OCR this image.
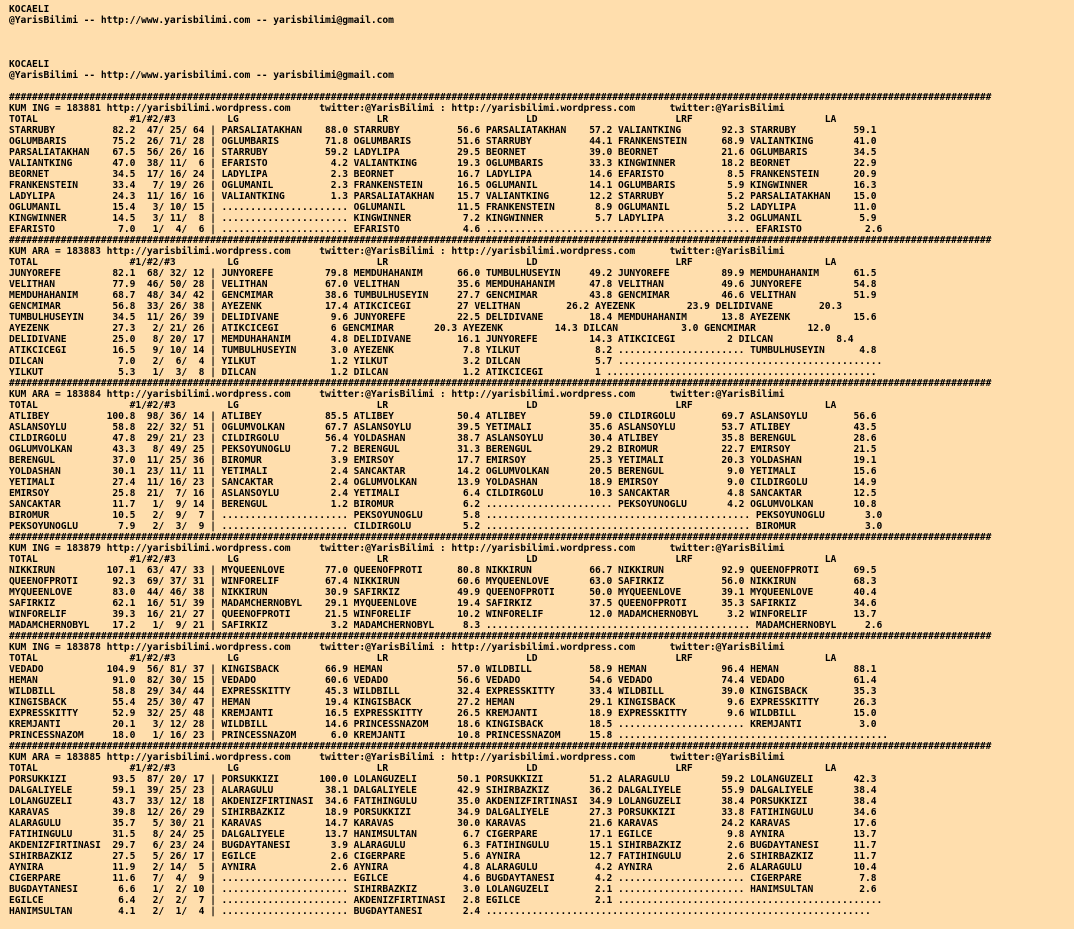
KOCAELI
@YarisBilimi -- http://www.yarisbilimi.com -- yarisbilimi@gmail.com
KOCAELI
@YarisBilimi -- http://www.yarisbilimi.com -- yarisbilimi@gmail.com
###########################################################################################################################################################################
KUM ING = 183881 http://yarisbilimi.wordpress.com     twitter:@YarisBilimi : http://yarisbilimi.wordpress.com      twitter:@YarisBilimi
TOTAL                #1/#2/#3         LG                        LR                        LD                        LRF                       LA
STARRUBY          82.2  47/ 25/ 64 | PARSALIATAKHAN    88.0 STARRUBY          56.6 PARSALIATAKHAN    57.2 VALIANTKING       92.3 STARRUBY          59.1
OGLUMBARIS        75.2  26/ 71/ 28 | OGLUMBARIS        71.8 OGLUMBARIS        51.6 STARRUBY          44.1 FRANKENSTEIN      68.9 VALIANTKING       41.0
PARSALIATAKHAN    67.5  56/ 26/ 16 | STARRUBY          59.2 LADYLIPA          29.5 BEORNET           39.0 BEORNET           21.6 OGLUMBARIS        34.5
VALIANTKING       47.0  38/ 11/  6 | EFARISTO           4.2 VALIANTKING       19.3 OGLUMBARIS        33.3 KINGWINNER        18.2 BEORNET           22.9
BEORNET           34.5  17/ 16/ 24 | LADYLIPA           2.3 BEORNET           16.7 LADYLIPA          14.6 EFARISTO           8.5 FRANKENSTEIN      20.9
FRANKENSTEIN      33.4   7/ 19/ 26 | OGLUMANIL          2.3 FRANKENSTEIN      16.5 OGLUMANIL         14.1 OGLUMBARIS         5.9 KINGWINNER        16.3
LADYLIPA          24.3  11/ 16/ 16 | VALIANTKING        1.3 PARSALIATAKHAN    15.7 VALIANTKING       12.2 STARRUBY           5.2 PARSALIATAKHAN    15.0
OGLUMANIL         15.4   3/ 10/ 15 | ...................... OGLUMANIL         11.5 FRANKENSTEIN       8.9 OGLUMANIL          5.2 LADYLIPA          11.0
KINGWINNER        14.5   3/ 11/  8 | ...................... KINGWINNER         7.2 KINGWINNER         5.7 LADYLIPA           3.2 OGLUMANIL          5.9
EFARISTO           7.0   1/  4/  6 | ...................... EFARISTO           4.6 .............................................. EFARISTO           2.6
###########################################################################################################################################################################
KUM ARA = 183883 http://yarisbilimi.wordpress.com     twitter:@YarisBilimi : http://yarisbilimi.wordpress.com      twitter:@YarisBilimi
TOTAL                #1/#2/#3         LG                        LR                        LD                        LRF                       LA
JUNYOREFE         82.1  68/ 32/ 12 | JUNYOREFE         79.8 MEMDUHAHANIM      66.0 TUMBULHUSEYIN     49.2 JUNYOREFE         89.9 MEMDUHAHANIM      61.5
VELITHAN          77.9  46/ 50/ 28 | VELITHAN          67.0 VELITHAN          35.6 MEMDUHAHANIM      47.8 VELITHAN          49.6 JUNYOREFE         54.8
MEMDUHAHANIM      68.7  48/ 34/ 42 | GENCMIMAR         38.6 TUMBULHUSEYIN     27.7 GENCMIMAR         43.8 GENCMIMAR         46.6 VELITHAN          51.9
GENCMIMAR         56.8  33/ 26/ 38 | AYEZENK           17.4 ATIKCICEGI        27 VELITHAN        26.2 AYEZENK         23.9 DELIDIVANE        20.3
TUMBULHUSEYIN     34.5  11/ 26/ 39 | DELIDIVANE         9.6 JUNYOREFE         22.5 DELIDIVANE        18.4 MEMDUHAHANIM      13.8 AYEZENK           15.6
AYEZENK           27.3   2/ 21/ 26 | ATIKCICEGI         6 GENCMIMAR       20.3 AYEZENK         14.3 DILCAN           3.0 GENCMIMAR         12.0
DELIDIVANE        25.0   8/ 20/ 17 | MEMDUHAHANIM       4.8 DELIDIVANE        16.1 JUNYOREFE         14.3 ATIKCICEGI         2 DILCAN           8.4
ATIKCICEGI        16.5   9/ 10/ 14 | TUMBULHUSEYIN      3.0 AYEZENK            7.8 YILKUT             8.2 ...................... TUMBULHUSEYIN      4.8
DILCAN             7.0   2/  6/  4 | YILKUT             1.2 YILKUT             3.2 DILCAN             5.7 ..............................................
YILKUT             5.3   1/  3/  8 | DILCAN             1.2 DILCAN             1.2 ATIKCICEGI         1 ...............................................
###########################################################################################################################################################################
KUM ARA = 183884 http://yarisbilimi.wordpress.com     twitter:@YarisBilimi : http://yarisbilimi.wordpress.com      twitter:@YarisBilimi
TOTAL                #1/#2/#3         LG                        LR                        LD                        LRF                       LA
ATLIBEY          100.8  98/ 36/ 14 | ATLIBEY           85.5 ATLIBEY           50.4 ATLIBEY           59.0 CILDIRGOLU        69.7 ASLANSOYLU        56.6
ASLANSOYLU        58.8  22/ 32/ 51 | OGLUMVOLKAN       67.7 ASLANSOYLU        39.5 YETIMALI          35.6 ASLANSOYLU        53.7 ATLIBEY           43.5
CILDIRGOLU        47.8  29/ 21/ 23 | CILDIRGOLU        56.4 YOLDASHAN         38.7 ASLANSOYLU        30.4 ATLIBEY           35.8 BERENGUL          28.6
OGLUMVOLKAN       43.3   8/ 49/ 25 | PEKSOYUNOGLU       7.2 BERENGUL          31.3 BERENGUL          29.2 BIROMUR           22.7 EMIRSOY           21.5
BERENGUL          37.0  11/ 25/ 36 | BIROMUR            3.9 EMIRSOY           17.7 EMIRSOY           25.3 YETIMALI          20.3 YOLDASHAN         19.1
YOLDASHAN         30.1  23/ 11/ 11 | YETIMALI           2.4 SANCAKTAR         14.2 OGLUMVOLKAN       20.5 BERENGUL           9.0 YETIMALI          15.6
YETIMALI          27.4  11/ 16/ 23 | SANCAKTAR          2.4 OGLUMVOLKAN       13.9 YOLDASHAN         18.9 EMIRSOY            9.0 CILDIRGOLU        14.9
EMIRSOY           25.8  21/  7/ 16 | ASLANSOYLU         2.4 YETIMALI           6.4 CILDIRGOLU        10.3 SANCAKTAR          4.8 SANCAKTAR         12.5
SANCAKTAR         11.7   1/  9/ 14 | BERENGUL           1.2 BIROMUR            6.2 ...................... PEKSOYUNOGLU       4.2 OGLUMVOLKAN       10.8
BIROMUR           10.5   2/  9/  7 | ...................... PEKSOYUNOGLU       5.8 .............................................. PEKSOYUNOGLU       3.0
PEKSOYUNOGLU       7.9   2/  3/  9 | ...................... CILDIRGOLU         5.2 .............................................. BIROMUR            3.0
###########################################################################################################################################################################
KUM ING = 183879 http://yarisbilimi.wordpress.com     twitter:@YarisBilimi : http://yarisbilimi.wordpress.com      twitter:@YarisBilimi
TOTAL                #1/#2/#3         LG                        LR                        LD                        LRF                       LA
NIKKIRUN         107.1  63/ 47/ 33 | MYQUEENLOVE       77.0 QUEENOFPROTI      80.8 NIKKIRUN          66.7 NIKKIRUN          92.9 QUEENOFPROTI      69.5
QUEENOFPROTI      92.3  69/ 37/ 31 | WINFORELIF        67.4 NIKKIRUN          60.6 MYQUEENLOVE       63.0 SAFIRKIZ          56.0 NIKKIRUN          68.3
MYQUEENLOVE       83.0  44/ 46/ 38 | NIKKIRUN          30.9 SAFIRKIZ          49.9 QUEENOFPROTI      50.0 MYQUEENLOVE       39.1 MYQUEENLOVE       40.4
SAFIRKIZ          62.1  16/ 51/ 39 | MADAMCHERNOBYL    29.1 MYQUEENLOVE       19.4 SAFIRKIZ          37.5 QUEENOFPROTI      35.3 SAFIRKIZ          34.6
WINFORELIF        39.3  16/ 21/ 27 | QUEENOFPROTI      21.5 WINFORELIF        10.2 WINFORELIF        12.0 MADAMCHERNOBYL     3.2 WINFORELIF        13.7
MADAMCHERNOBYL    17.2   1/  9/ 21 | SAFIRKIZ           3.2 MADAMCHERNOBYL     8.3 .............................................. MADAMCHERNOBYL     2.6
###########################################################################################################################################################################
KUM ING = 183878 http://yarisbilimi.wordpress.com     twitter:@YarisBilimi : http://yarisbilimi.wordpress.com      twitter:@YarisBilimi
TOTAL                #1/#2/#3         LG                        LR                        LD                        LRF                       LA
VEDADO           104.9  56/ 81/ 37 | KINGISBACK        66.9 HEMAN             57.0 WILDBILL          58.9 HEMAN             96.4 HEMAN             88.1
HEMAN             91.0  82/ 30/ 15 | VEDADO            60.6 VEDADO            56.6 VEDADO            54.6 VEDADO            74.4 VEDADO            61.4
WILDBILL          58.8  29/ 34/ 44 | EXPRESSKITTY      45.3 WILDBILL          32.4 EXPRESSKITTY      33.4 WILDBILL          39.0 KINGISBACK        35.3
KINGISBACK        55.4  25/ 30/ 47 | HEMAN             19.4 KINGISBACK        27.2 HEMAN             29.1 KINGISBACK         9.6 EXPRESSKITTY      26.3
EXPRESSKITTY      52.9  32/ 25/ 48 | KREMJANTI         16.5 EXPRESSKITTY      26.5 KREMJANTI         18.9 EXPRESSKITTY       9.6 WILDBILL          15.0
KREMJANTI         20.1   3/ 12/ 28 | WILDBILL          14.6 PRINCESSNAZOM     18.6 KINGISBACK        18.5 ...................... KREMJANTI          3.0
PRINCESSNAZOM     18.0   1/ 16/ 23 | PRINCESSNAZOM      6.0 KREMJANTI         10.8 PRINCESSNAZOM     15.8 ...............................................
###########################################################################################################################################################################
KUM ARA = 183885 http://yarisbilimi.wordpress.com     twitter:@YarisBilimi : http://yarisbilimi.wordpress.com      twitter:@YarisBilimi
TOTAL                #1/#2/#3         LG                        LR                        LD                        LRF                       LA
PORSUKKIZI        93.5  87/ 20/ 17 | PORSUKKIZI       100.0 LOLANGUZELI       50.1 PORSUKKIZI        51.2 ALARAGULU         59.2 LOLANGUZELI       42.3
DALGALIYELE       59.1  39/ 25/ 23 | ALARAGULU         38.1 DALGALIYELE       42.9 SIHIRBAZKIZ       36.2 DALGALIYELE       55.9 DALGALIYELE       38.4
LOLANGUZELI       43.7  33/ 12/ 18 | AKDENIZFIRTINASI  34.6 FATIHINGULU       35.0 AKDENIZFIRTINASI  34.9 LOLANGUZELI       38.4 PORSUKKIZI        38.4
KARAVAS           39.8  12/ 26/ 29 | SIHIRBAZKIZ       18.9 PORSUKKIZI        34.9 DALGALIYELE       27.3 PORSUKKIZI        33.8 FATIHINGULU       34.6
ALARAGULU         35.7   5/ 30/ 21 | KARAVAS           14.7 KARAVAS           30.0 KARAVAS           21.6 KARAVAS           24.2 KARAVAS           17.6
FATIHINGULU       31.5   8/ 24/ 25 | DALGALIYELE       13.7 HANIMSULTAN        6.7 CIGERPARE         17.1 EGILCE             9.8 AYNIRA            13.7
AKDENIZFIRTINASI  29.7   6/ 23/ 24 | BUGDAYTANESI       3.9 ALARAGULU          6.3 FATIHINGULU       15.1 SIHIRBAZKIZ        2.6 BUGDAYTANESI      11.7
SIHIRBAZKIZ       27.5   5/ 26/ 17 | EGILCE             2.6 CIGERPARE          5.6 AYNIRA            12.7 FATIHINGULU        2.6 SIHIRBAZKIZ       11.7
AYNIRA            11.9   2/ 14/  5 | AYNIRA             2.6 AYNIRA             4.8 ALARAGULU          4.2 AYNIRA             2.6 ALARAGULU         10.4
CIGERPARE         11.6   7/  4/  9 | ...................... EGILCE             4.6 BUGDAYTANESI       4.2 ...................... CIGERPARE          7.8
BUGDAYTANESI       6.6   1/  2/ 10 | ...................... SIHIRBAZKIZ        3.0 LOLANGUZELI        2.1 ...................... HANIMSULTAN        2.6
EGILCE             6.4   2/  2/  7 | ...................... AKDENIZFIRTINASI   2.8 EGILCE             2.1 ..............................................
HANIMSULTAN        4.1   2/  1/  4 | ...................... BUGDAYTANESI       2.4 ...................................................................
